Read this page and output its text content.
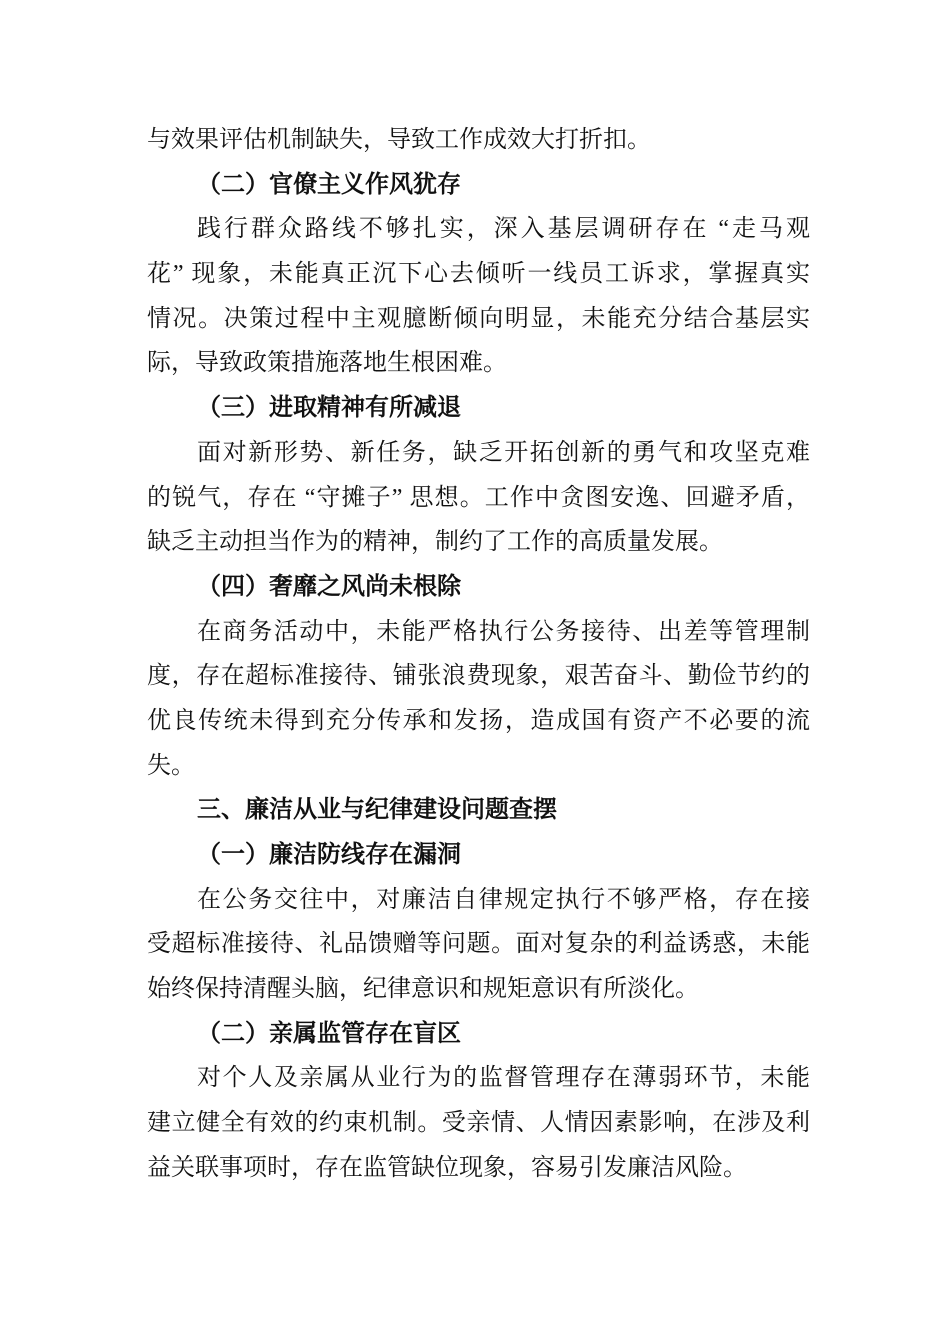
与效果评估机制缺失，导致工作成效大打折扣。
（二）官僚主义作风犹存
践行群众路线不够扎实，深入基层调研存在 “走马观
花” 现象，未能真正沉下心去倾听一线员工诉求，掌握真实
情况。决策过程中主观臆断倾向明显，未能充分结合基层实
际，导致政策措施落地生根困难。
（三）进取精神有所减退
面对新形势、新任务，缺乏开拓创新的勇气和攻坚克难
的锐气，存在 “守摊子” 思想。工作中贪图安逸、回避矛盾，
缺乏主动担当作为的精神，制约了工作的高质量发展。
（四）奢靡之风尚未根除
在商务活动中，未能严格执行公务接待、出差等管理制
度，存在超标准接待、铺张浪费现象，艰苦奋斗、勤俭节约的
优良传统未得到充分传承和发扬，造成国有资产不必要的流
失。
三、廉洁从业与纪律建设问题查摆
（一）廉洁防线存在漏洞
在公务交往中，对廉洁自律规定执行不够严格，存在接
受超标准接待、礼品馈赠等问题。面对复杂的利益诱惑，未能
始终保持清醒头脑，纪律意识和规矩意识有所淡化。
（二）亲属监管存在盲区
对个人及亲属从业行为的监督管理存在薄弱环节，未能
建立健全有效的约束机制。受亲情、人情因素影响，在涉及利
益关联事项时，存在监管缺位现象，容易引发廉洁风险。
